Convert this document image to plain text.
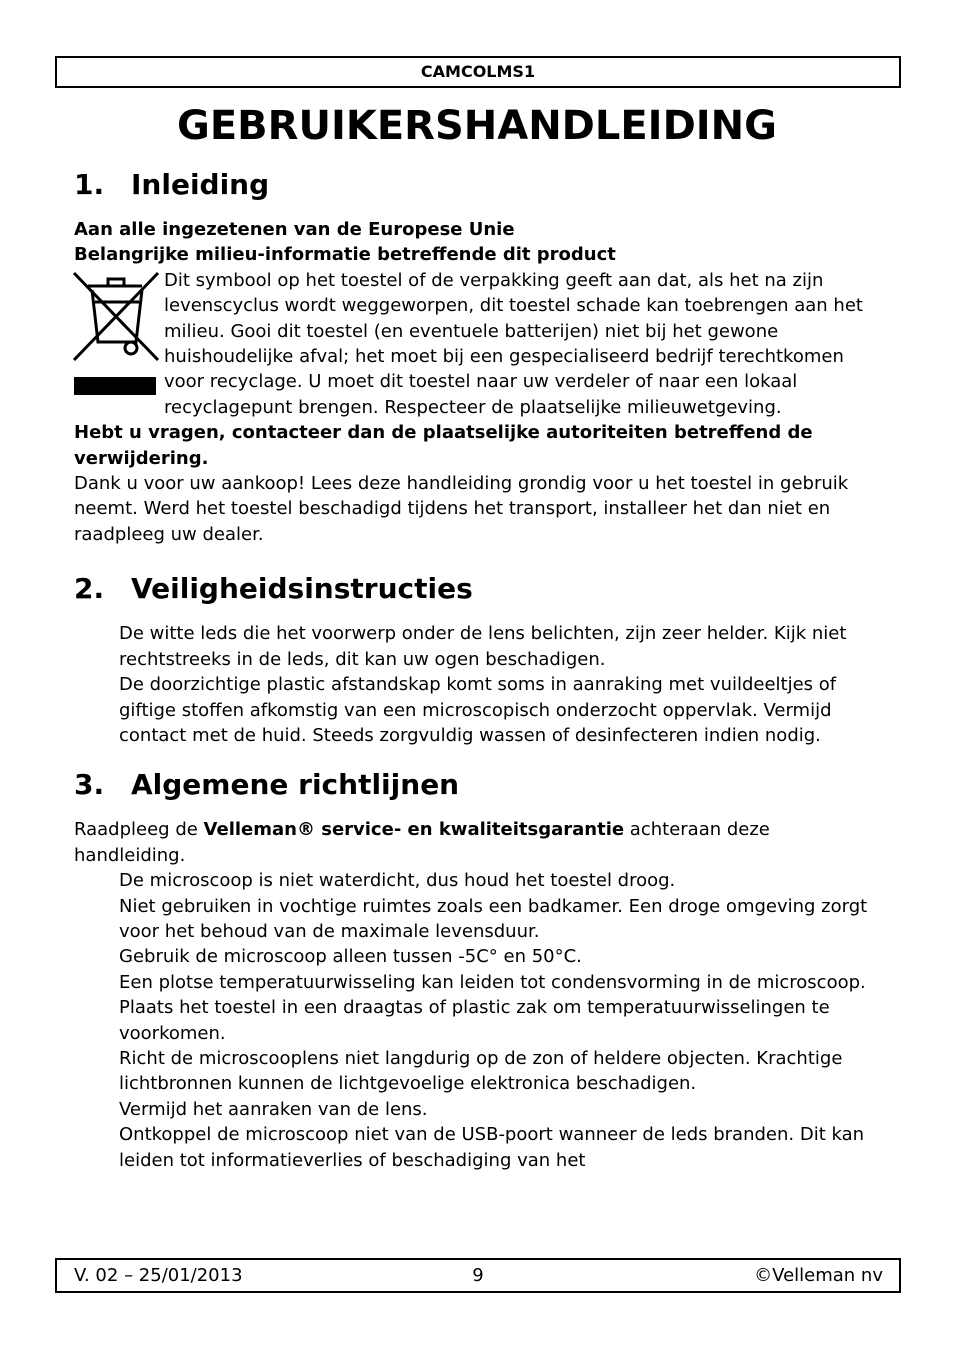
CAMCOLMS1
GEBRUIKERSHANDLEIDING
1. Inleiding

Aan alle ingezetenen van de Europese Unie

Belangrijke milieu-informatie betreffende dit product

Dit symbool op het toestel of de verpakking geeft aan dat, als het na zijn levenscyclus wordt weggeworpen, dit toestel schade kan toebrengen aan het milieu. Gooi dit toestel (en eventuele batterijen) niet bij het gewone huishoudelijke afval; het moet bij een gespecialiseerd bedrijf terechtkomen voor recyclage. U moet dit toestel naar uw verdeler of naar een lokaal recyclagepunt brengen. Respecteer de plaatselijke milieuwetgeving.

Hebt u vragen, contacteer dan de plaatselijke autoriteiten betreffend de verwijdering.

Dank u voor uw aankoop! Lees deze handleiding grondig voor u het toestel in gebruik neemt. Werd het toestel beschadigd tijdens het transport, installeer het dan niet en raadpleeg uw dealer.

2. Veiligheidsinstructies

De witte leds die het voorwerp onder de lens belichten, zijn zeer helder. Kijk niet rechtstreeks in de leds, dit kan uw ogen beschadigen.

De doorzichtige plastic afstandskap komt soms in aanraking met vuildeeltjes of giftige stoffen afkomstig van een microscopisch onderzocht oppervlak. Vermijd contact met de huid. Steeds zorgvuldig wassen of desinfecteren indien nodig.

3. Algemene richtlijnen

Raadpleeg de Velleman® service- en kwaliteitsgarantie achteraan deze handleiding.

De microscoop is niet waterdicht, dus houd het toestel droog.

Niet gebruiken in vochtige ruimtes zoals een badkamer. Een droge omgeving zorgt voor het behoud van de maximale levensduur.

Gebruik de microscoop alleen tussen -5C° en 50°C.

Een plotse temperatuurwisseling kan leiden tot condensvorming in de microscoop. Plaats het toestel in een draagtas of plastic zak om temperatuurwisselingen te voorkomen.

Richt de microscooplens niet langdurig op de zon of heldere objecten. Krachtige lichtbronnen kunnen de lichtgevoelige elektronica beschadigen.

Vermijd het aanraken van de lens.

Ontkoppel de microscoop niet van de USB-poort wanneer de leds branden. Dit kan leiden tot informatieverlies of beschadiging van het

V. 02 – 25/01/2013	9	©Velleman nv
